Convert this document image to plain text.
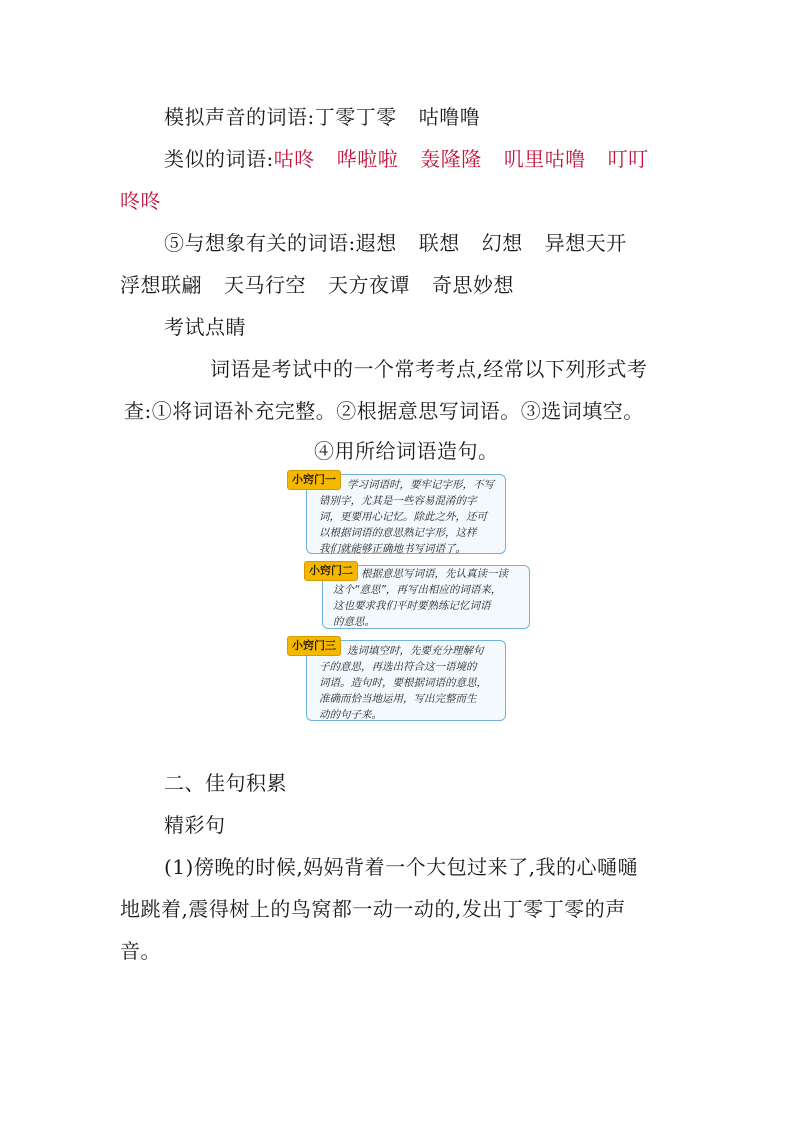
模拟声音的词语:丁零丁零 咕噜噜
类似的词语:咕咚 哗啦啦 轰隆隆 叽里咕噜 叮叮
咚咚
⑤与想象有关的词语:遐想 联想 幻想 异想天开
浮想联翩 天马行空 天方夜谭 奇思妙想
考试点睛
词语是考试中的一个常考考点,经常以下列形式考
查:①将词语补充完整。②根据意思写词语。③选词填空。
④用所给词语造句。
学习词语时，要牢记字形，不写
错别字，尤其是一些容易混淆的字
词，更要用心记忆。除此之外，还可
以根据词语的意思熟记字形，这样
我们就能够正确地书写词语了。
小窍门一
根据意思写词语，先认真读一读
这个“意思”，再写出相应的词语来，
这也要求我们平时要熟练记忆词语
的意思。
小窍门二
选词填空时，先要充分理解句
子的意思，再选出符合这一语境的
词语。造句时，要根据词语的意思，
准确而恰当地运用，写出完整而生
动的句子来。
小窍门三
二、佳句积累
精彩句
(1)傍晚的时候,妈妈背着一个大包过来了,我的心嗵嗵
地跳着,震得树上的鸟窝都一动一动的,发出丁零丁零的声
音。
